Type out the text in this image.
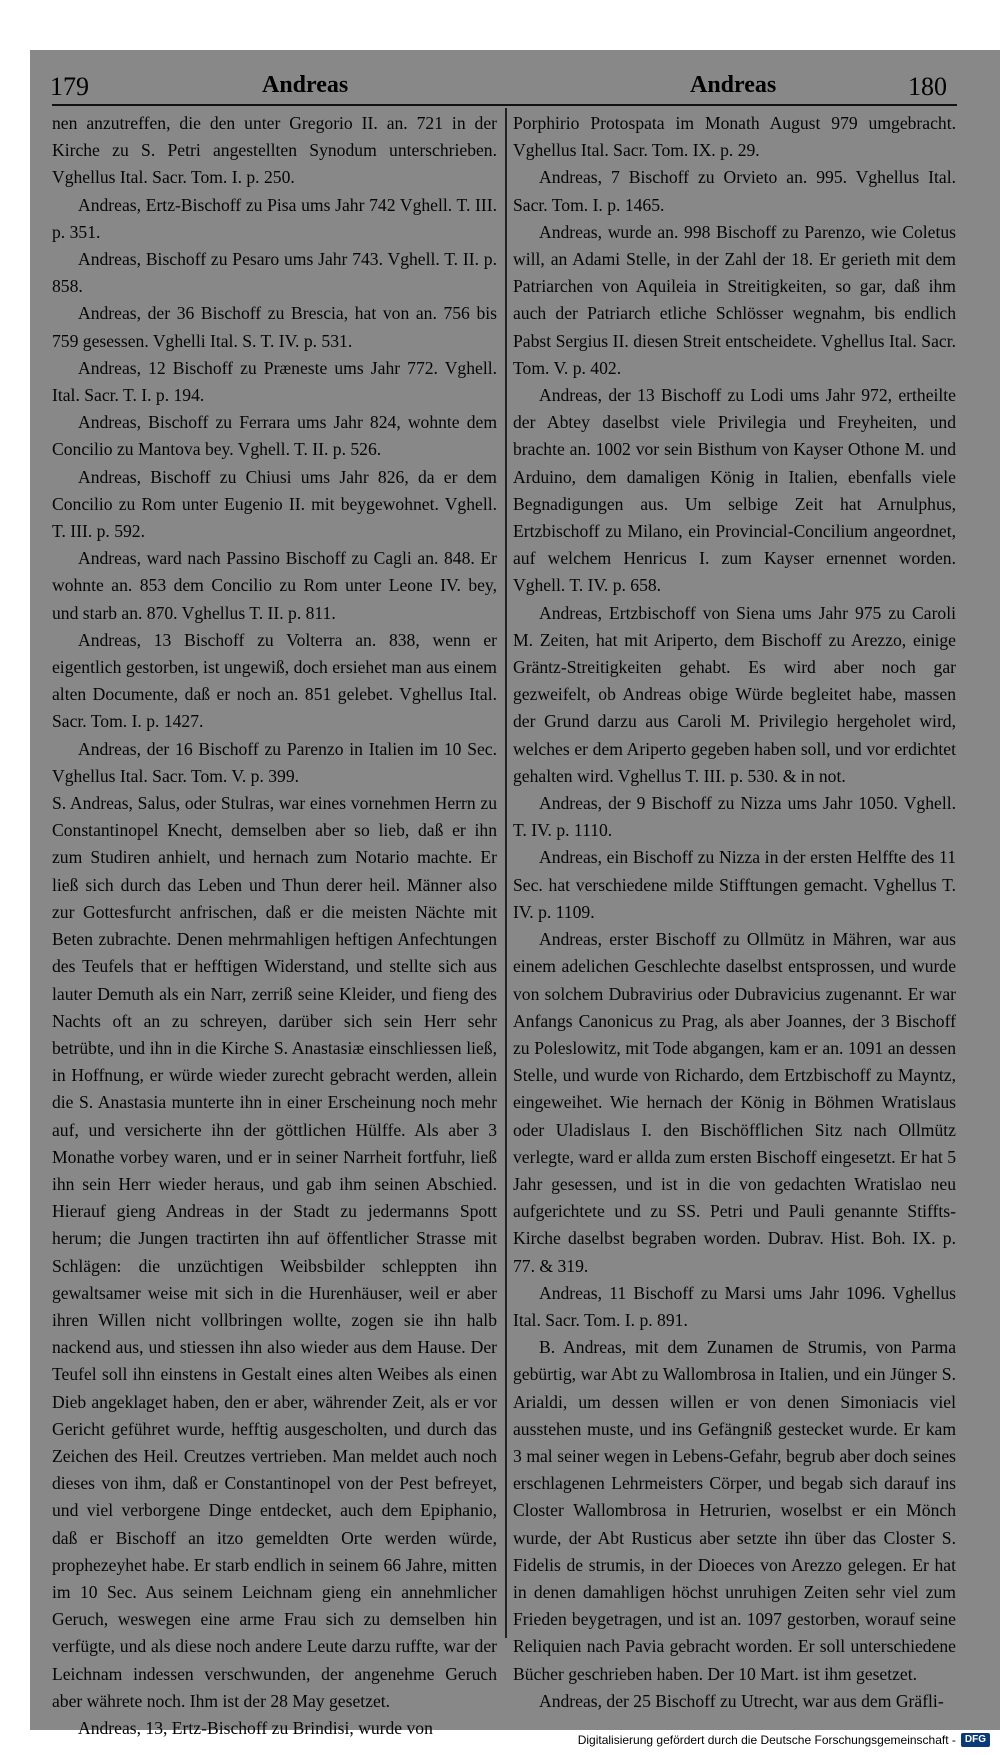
179	Andreas	Andreas	180

nen anzutreffen, die den unter Gregorio II. an. 721 in der Kirche zu S. Petri angestellten Synodum unterschrieben. Vghellus Ital. Sacr. Tom. I. p. 250.

Andreas, Ertz-Bischoff zu Pisa ums Jahr 742 Vghell. T. III. p. 351.

Andreas, Bischoff zu Pesaro ums Jahr 743. Vghell. T. II. p. 858.

Andreas, der 36 Bischoff zu Brescia, hat von an. 756 bis 759 gesessen. Vghelli Ital. S. T. IV. p. 531.

Andreas, 12 Bischoff zu Præneste ums Jahr 772. Vghell. Ital. Sacr. T. I. p. 194.

Andreas, Bischoff zu Ferrara ums Jahr 824, wohnte dem Concilio zu Mantova bey. Vghell. T. II. p. 526.

Andreas, Bischoff zu Chiusi ums Jahr 826, da er dem Concilio zu Rom unter Eugenio II. mit beygewohnet. Vghell. T. III. p. 592.

Andreas, ward nach Passino Bischoff zu Cagli an. 848. Er wohnte an. 853 dem Concilio zu Rom unter Leone IV. bey, und starb an. 870. Vghellus T. II. p. 811.

Andreas, 13 Bischoff zu Volterra an. 838, wenn er eigentlich gestorben, ist ungewiß, doch ersiehet man aus einem alten Documente, daß er noch an. 851 gelebet. Vghellus Ital. Sacr. Tom. I. p. 1427.

Andreas, der 16 Bischoff zu Parenzo in Italien im 10 Sec. Vghellus Ital. Sacr. Tom. V. p. 399.

S. Andreas, Salus, oder Stulras, war eines vornehmen Herrn zu Constantinopel Knecht, demselben aber so lieb, daß er ihn zum Studiren anhielt, und hernach zum Notario machte. Er ließ sich durch das Leben und Thun derer heil. Männer also zur Gottesfurcht anfrischen, daß er die meisten Nächte mit Beten zubrachte. Denen mehrmahligen heftigen Anfechtungen des Teufels that er hefftigen Widerstand, und stellte sich aus lauter Demuth als ein Narr, zerriß seine Kleider, und fieng des Nachts oft an zu schreyen, darüber sich sein Herr sehr betrübte, und ihn in die Kirche S. Anastasiæ einschliessen ließ, in Hoffnung, er würde wieder zurecht gebracht werden, allein die S. Anastasia munterte ihn in einer Erscheinung noch mehr auf, und versicherte ihn der göttlichen Hülffe. Als aber 3 Monathe vorbey waren, und er in seiner Narrheit fortfuhr, ließ ihn sein Herr wieder heraus, und gab ihm seinen Abschied. Hierauf gieng Andreas in der Stadt zu jedermanns Spott herum; die Jungen tractirten ihn auf öffentlicher Strasse mit Schlägen: die unzüchtigen Weibsbilder schleppten ihn gewaltsamer weise mit sich in die Hurenhäuser, weil er aber ihren Willen nicht vollbringen wollte, zogen sie ihn halb nackend aus, und stiessen ihn also wieder aus dem Hause. Der Teufel soll ihn einstens in Gestalt eines alten Weibes als einen Dieb angeklaget haben, den er aber, währender Zeit, als er vor Gericht geführet wurde, hefftig ausgescholten, und durch das Zeichen des Heil. Creutzes vertrieben. Man meldet auch noch dieses von ihm, daß er Constantinopel von der Pest befreyet, und viel verborgene Dinge entdecket, auch dem Epiphanio, daß er Bischoff an itzo gemeldten Orte werden würde, prophezeyhet habe. Er starb endlich in seinem 66 Jahre, mitten im 10 Sec. Aus seinem Leichnam gieng ein annehmlicher Geruch, weswegen eine arme Frau sich zu demselben hin verfügte, und als diese noch andere Leute darzu ruffte, war der Leichnam indessen verschwunden, der angenehme Geruch aber währete noch. Ihm ist der 28 May gesetzet.

Andreas, 13, Ertz-Bischoff zu Brindisi, wurde von

Porphirio Protospata im Monath August 979 umgebracht. Vghellus Ital. Sacr. Tom. IX. p. 29.

Andreas, 7 Bischoff zu Orvieto an. 995. Vghellus Ital. Sacr. Tom. I. p. 1465.

Andreas, wurde an. 998 Bischoff zu Parenzo, wie Coletus will, an Adami Stelle, in der Zahl der 18. Er gerieth mit dem Patriarchen von Aquileia in Streitigkeiten, so gar, daß ihm auch der Patriarch etliche Schlösser wegnahm, bis endlich Pabst Sergius II. diesen Streit entscheidete. Vghellus Ital. Sacr. Tom. V. p. 402.

Andreas, der 13 Bischoff zu Lodi ums Jahr 972, ertheilte der Abtey daselbst viele Privilegia und Freyheiten, und brachte an. 1002 vor sein Bisthum von Kayser Othone M. und Arduino, dem damaligen König in Italien, ebenfalls viele Begnadigungen aus. Um selbige Zeit hat Arnulphus, Ertzbischoff zu Milano, ein Provincial-Concilium angeordnet, auf welchem Henricus I. zum Kayser ernennet worden. Vghell. T. IV. p. 658.

Andreas, Ertzbischoff von Siena ums Jahr 975 zu Caroli M. Zeiten, hat mit Ariperto, dem Bischoff zu Arezzo, einige Grän​tz-Streitigkeiten gehabt. Es wird aber noch gar gezweifelt, ob Andreas obige Würde begleitet habe, massen der Grund darzu aus Caroli M. Privilegio hergeholet wird, welches er dem Ariperto gegeben haben soll, und vor erdichtet gehalten wird. Vghellus T. III. p. 530. & in not.

Andreas, der 9 Bischoff zu Nizza ums Jahr 1050. Vghell. T. IV. p. 1110.

Andreas, ein Bischoff zu Nizza in der ersten Helffte des 11 Sec. hat verschiedene milde Stifftungen gemacht. Vghellus T. IV. p. 1109.

Andreas, erster Bischoff zu Ollmütz in Mähren, war aus einem adelichen Geschlechte daselbst entsprossen, und wurde von solchem Dubravirius oder Dubravicius zugenannt. Er war Anfangs Canonicus zu Prag, als aber Joannes, der 3 Bischoff zu Poleslowitz, mit Tode abgangen, kam er an. 1091 an dessen Stelle, und wurde von Richardo, dem Ertzbischoff zu Mayntz, eingeweihet. Wie hernach der König in Böhmen Wratislaus oder Uladislaus I. den Bischöfflichen Sitz nach Ollmütz verlegte, ward er allda zum ersten Bischoff eingesetzt. Er hat 5 Jahr gesessen, und ist in die von gedachten Wratislao neu aufgerichtete und zu SS. Petri und Pauli genannte Stiffts-Kirche daselbst begraben worden. Dubrav. Hist. Boh. IX. p. 77. & 319.

Andreas, 11 Bischoff zu Marsi ums Jahr 1096. Vghellus Ital. Sacr. Tom. I. p. 891.

B. Andreas, mit dem Zunamen de Strumis, von Parma gebürtig, war Abt zu Wallombrosa in Italien, und ein Jünger S. Arialdi, um dessen willen er von denen Simoniacis viel ausstehen muste, und ins Gefängniß gestecket wurde. Er kam 3 mal seiner wegen in Lebens-Gefahr, begrub aber doch seines erschlagenen Lehrmeisters Cörper, und begab sich darauf ins Closter Wallombrosa in Hetrurien, woselbst er ein Mönch wurde, der Abt Rusticus aber setzte ihn über das Closter S. Fidelis de strumis, in der Dioeces von Arezzo gelegen. Er hat in denen damahligen höchst unruhigen Zeiten sehr viel zum Frieden beygetragen, und ist an. 1097 gestorben, worauf seine Reliquien nach Pavia gebracht worden. Er soll unterschiedene Bücher geschrieben haben. Der 10 Mart. ist ihm gesetzet.

Andreas, der 25 Bischoff zu Utrecht, war aus dem Gräfli-

Digitalisierung gefördert durch die Deutsche Forschungsgemeinschaft - DFG
